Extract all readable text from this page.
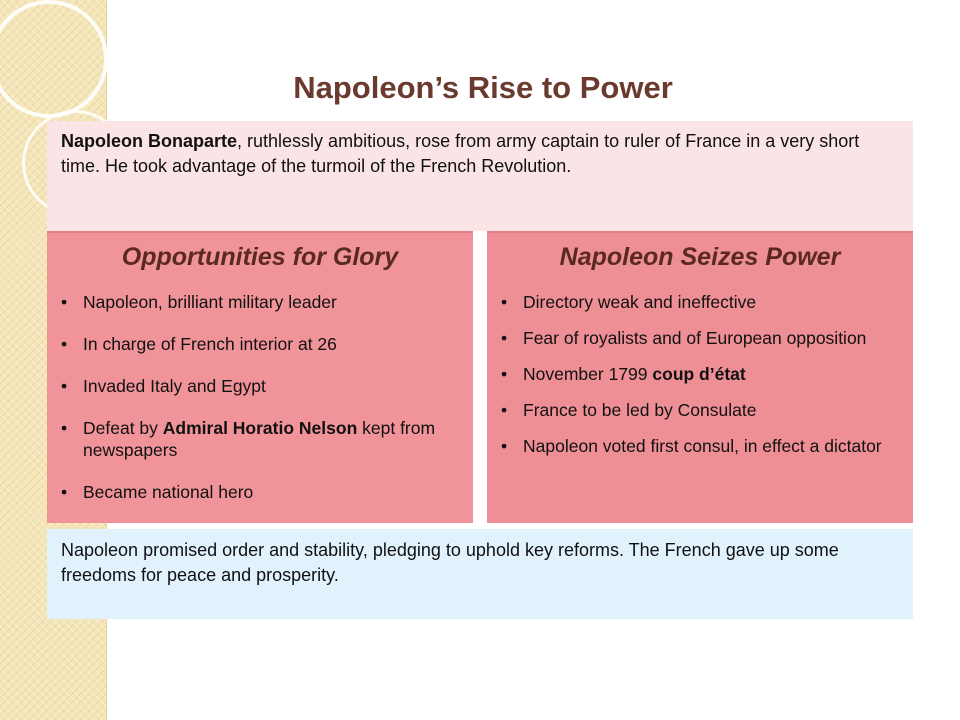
Napoleon’s Rise to Power
Napoleon Bonaparte, ruthlessly ambitious, rose from army captain to ruler of France in a very short time. He took advantage of the turmoil of the French Revolution.
Opportunities for Glory
• Napoleon, brilliant military leader
• In charge of French interior at 26
• Invaded Italy and Egypt
• Defeat by Admiral Horatio Nelson kept from newspapers
• Became national hero
Napoleon Seizes Power
• Directory weak and ineffective
• Fear of royalists and of European opposition
• November 1799 coup d’état
• France to be led by Consulate
• Napoleon voted first consul, in effect a dictator
Napoleon promised order and stability, pledging to uphold key reforms. The French gave up some freedoms for peace and prosperity.
